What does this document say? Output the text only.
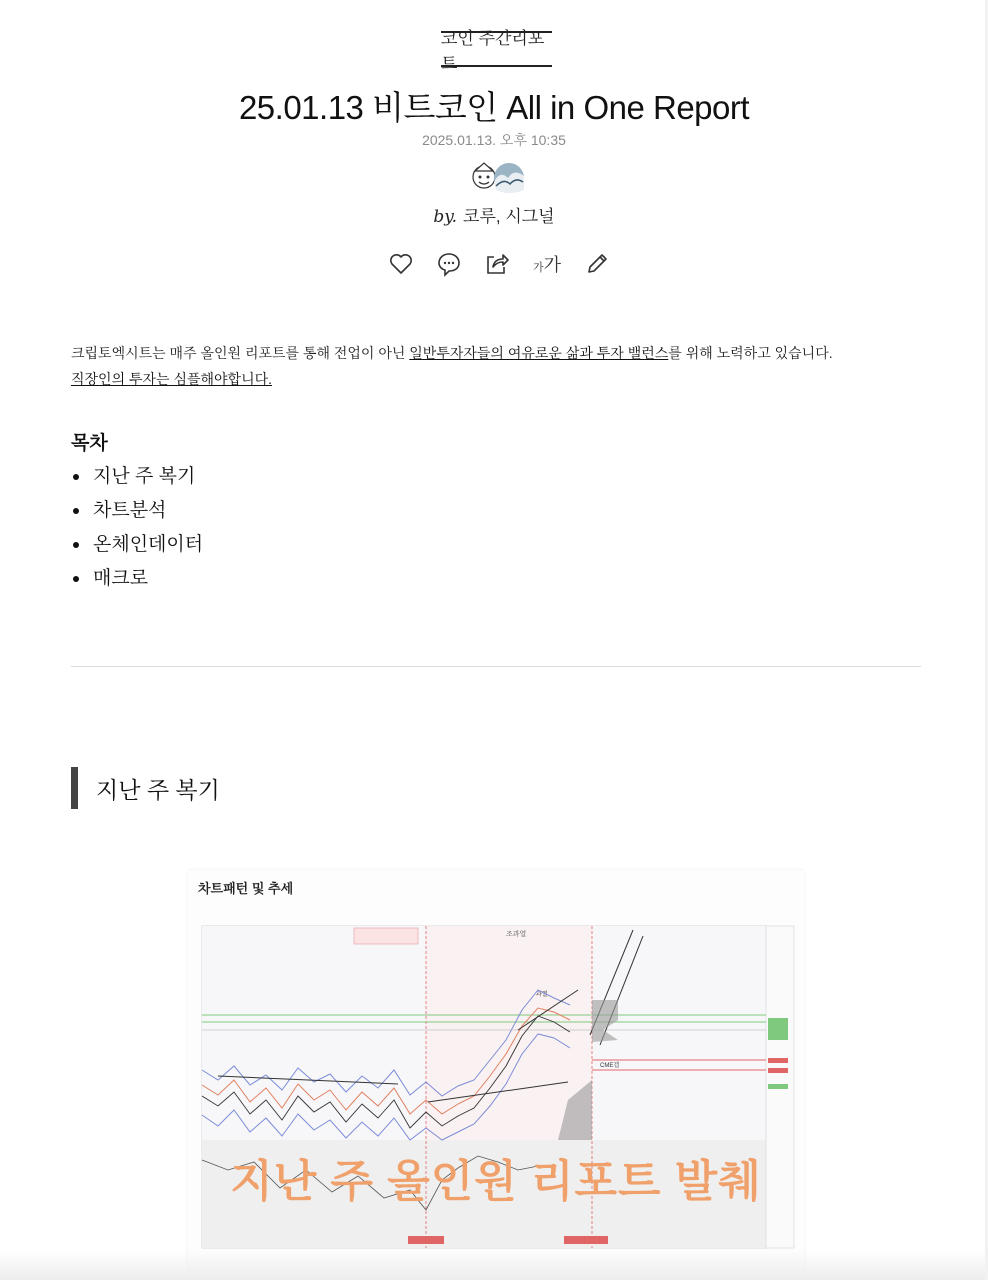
코인 주간리포트
25.01.13 비트코인 All in One Report
2025.01.13. 오후 10:35
by. 코루, 시그널
가가
크립토엑시트는 매주 올인원 리포트를 통해 전업이 아닌 일반투자자들의 여유로운 삶과 투자 밸런스를 위해 노력하고 있습니다.
직장인의 투자는 심플해야합니다.
목차
지난 주 복기
차트분석
온체인데이터
매크로
지난 주 복기
차트패턴 및 추세
조과열
CME갭
과열
지난 주 올인원 리포트 발췌
